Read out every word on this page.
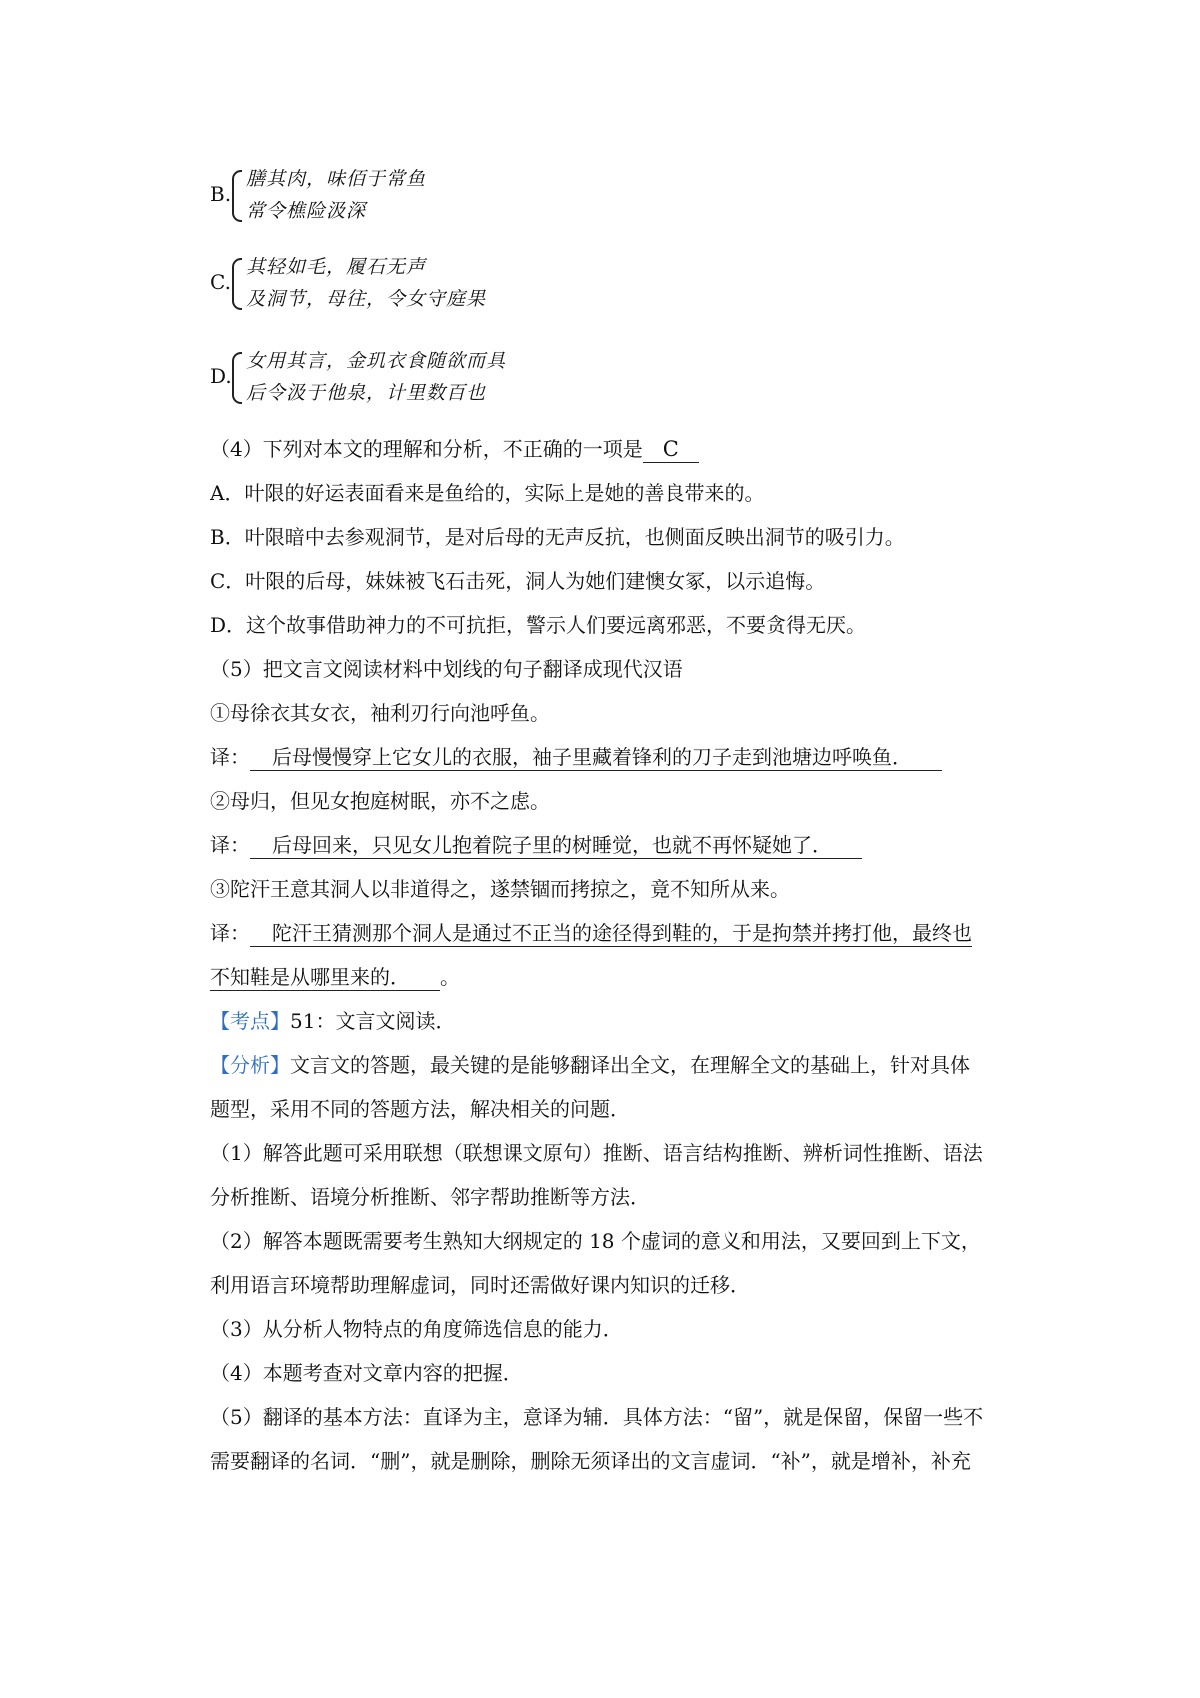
B.
膳其肉，味佰于常鱼
常令樵险汲深
C.
其轻如毛，履石无声
及洞节，母往，令女守庭果
D.
女用其言，金玑衣食随欲而具
后令汲于他泉，计里数百也
（4）下列对本文的理解和分析，不正确的一项是 C
A．叶限的好运表面看来是鱼给的，实际上是她的善良带来的。
B．叶限暗中去参观洞节，是对后母的无声反抗，也侧面反映出洞节的吸引力。
C．叶限的后母，妹妹被飞石击死，洞人为她们建懊女冢，以示追悔。
D．这个故事借助神力的不可抗拒，警示人们要远离邪恶，不要贪得无厌。
（5）把文言文阅读材料中划线的句子翻译成现代汉语
①母徐衣其女衣，袖利刃行向池呼鱼。
译： 后母慢慢穿上它女儿的衣服，袖子里藏着锋利的刀子走到池塘边呼唤鱼．
②母归，但见女抱庭树眠，亦不之虑。
译： 后母回来，只见女儿抱着院子里的树睡觉，也就不再怀疑她了．
③陀汗王意其洞人以非道得之，遂禁锢而拷掠之，竟不知所从来。
译： 陀汗王猜测那个洞人是通过不正当的途径得到鞋的，于是拘禁并拷打他，最终也
不知鞋是从哪里来的． 。
【考点】51：文言文阅读．
【分析】文言文的答题，最关键的是能够翻译出全文，在理解全文的基础上，针对具体
题型，采用不同的答题方法，解决相关的问题．
（1）解答此题可采用联想（联想课文原句）推断、语言结构推断、辨析词性推断、语法
分析推断、语境分析推断、邻字帮助推断等方法．
（2）解答本题既需要考生熟知大纲规定的 18 个虚词的意义和用法，又要回到上下文，
利用语言环境帮助理解虚词，同时还需做好课内知识的迁移．
（3）从分析人物特点的角度筛选信息的能力．
（4）本题考查对文章内容的把握．
（5）翻译的基本方法：直译为主，意译为辅．具体方法：“留”，就是保留，保留一些不
需要翻译的名词．“删”，就是删除，删除无须译出的文言虚词．“补”，就是增补，补充
